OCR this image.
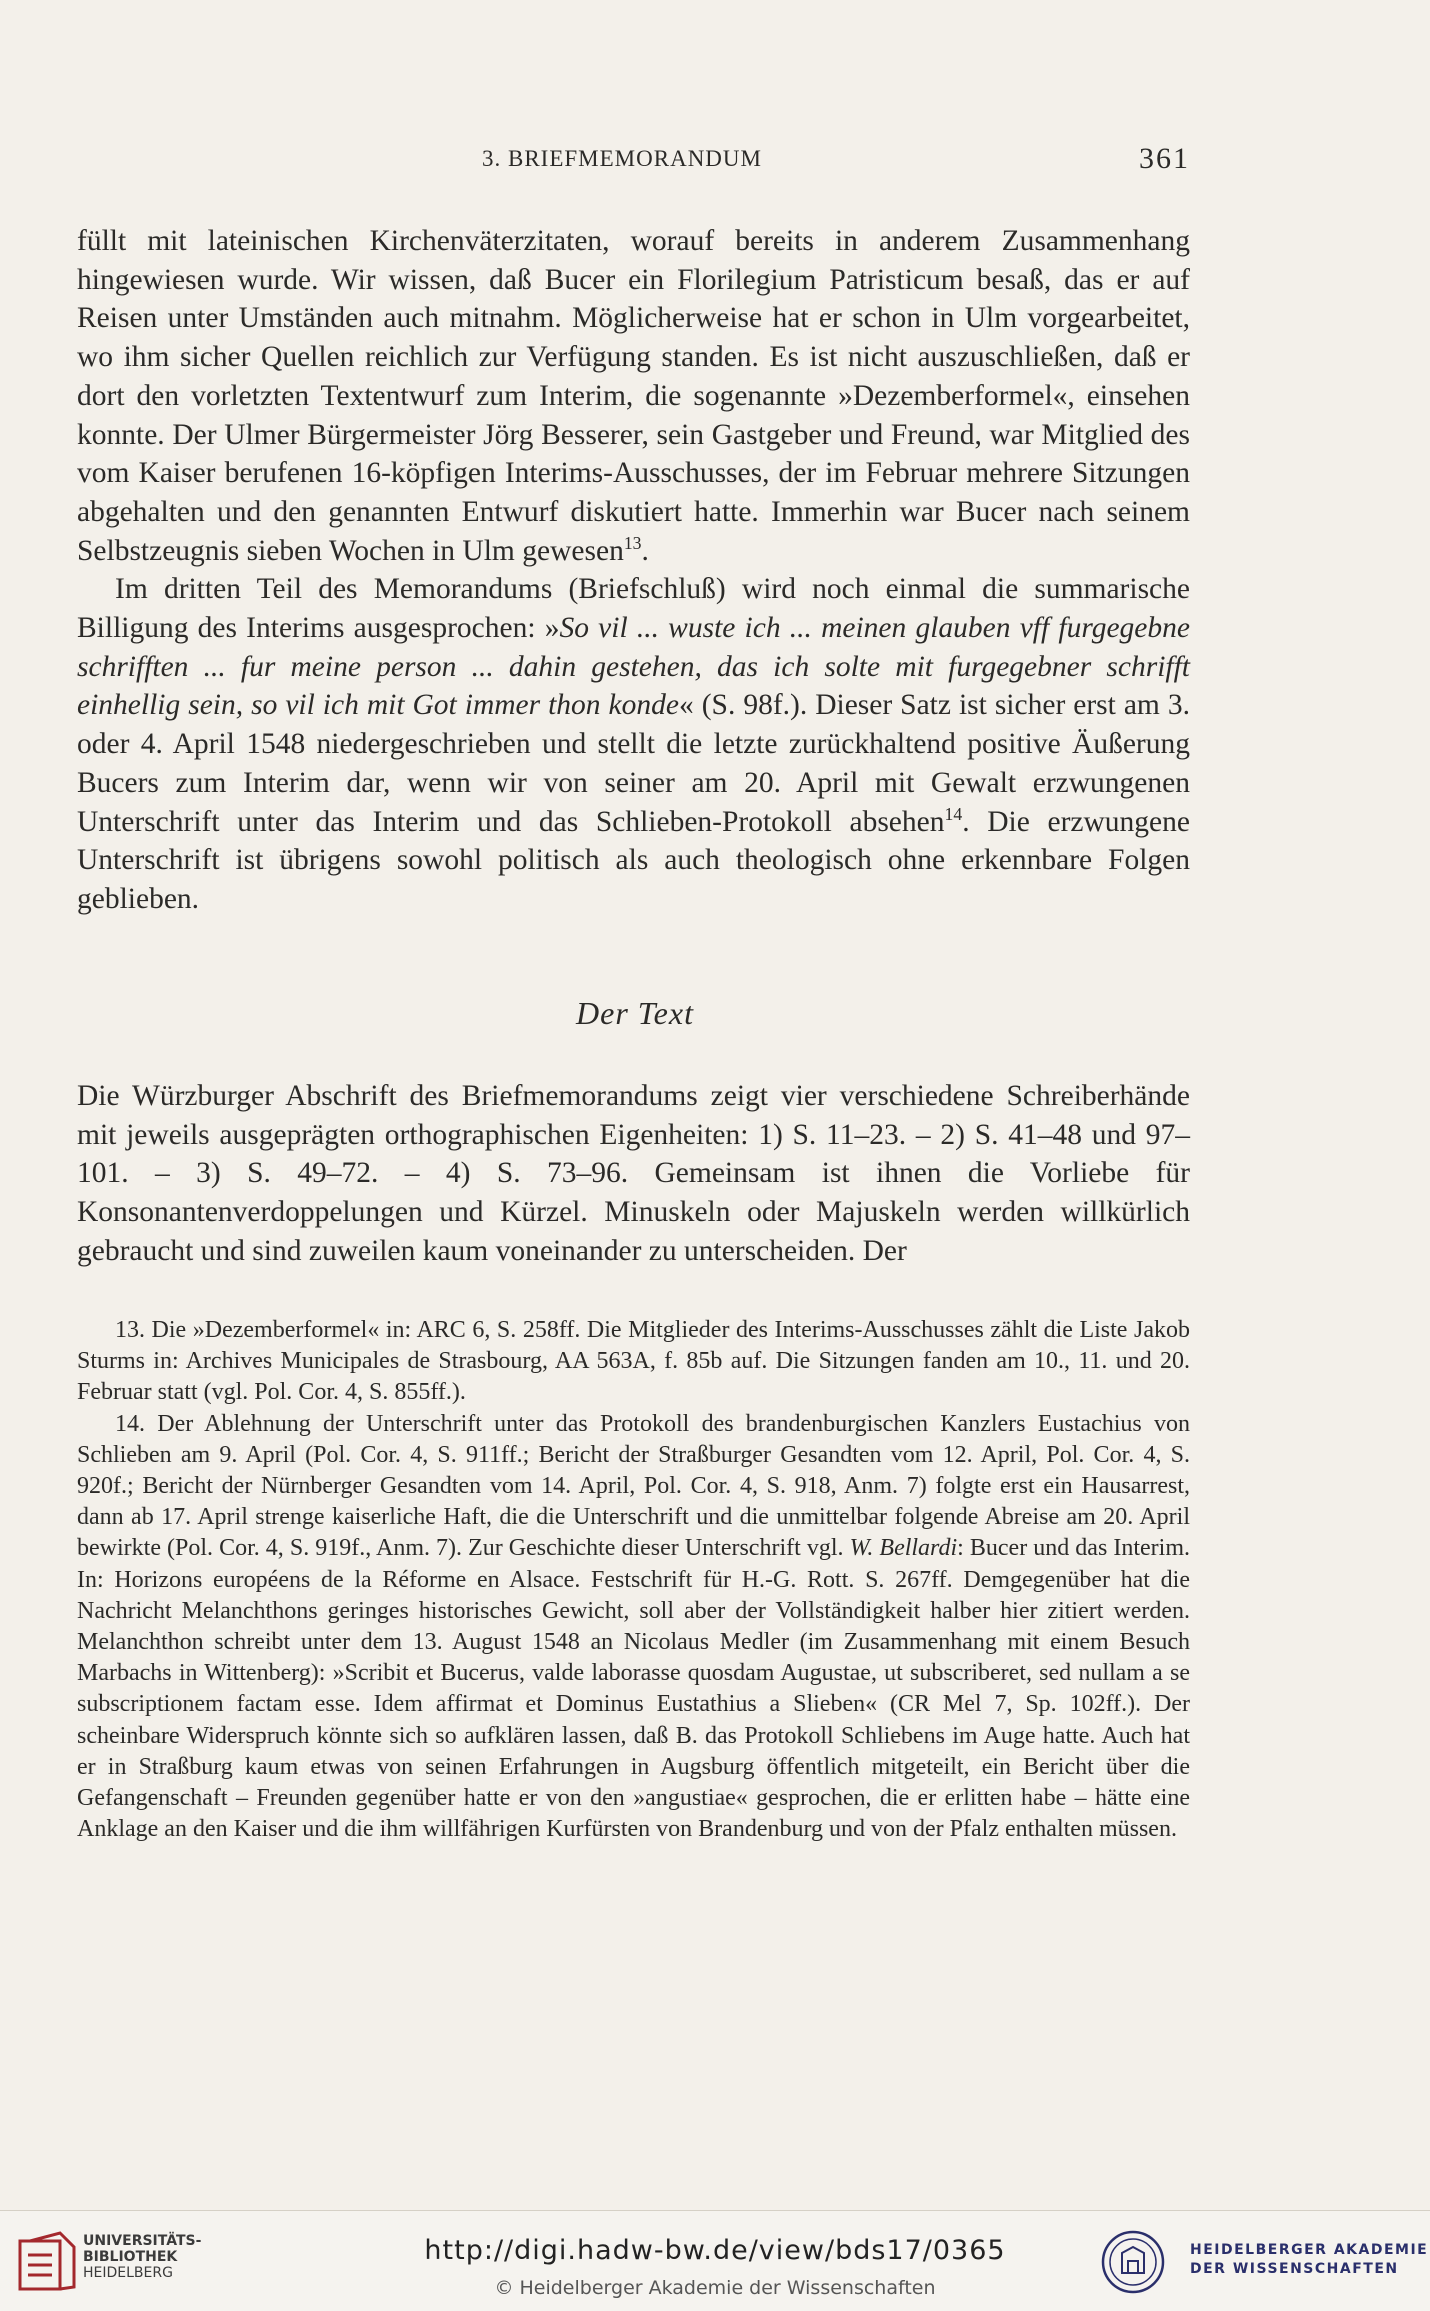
3. BRIEFMEMORANDUM	361

füllt mit lateinischen Kirchenväterzitaten, worauf bereits in anderem Zusammenhang hingewiesen wurde. Wir wissen, daß Bucer ein Florilegium Patristicum besaß, das er auf Reisen unter Umständen auch mitnahm. Möglicherweise hat er schon in Ulm vorgearbeitet, wo ihm sicher Quellen reichlich zur Verfügung standen. Es ist nicht auszuschließen, daß er dort den vorletzten Textentwurf zum Interim, die sogenannte »Dezemberformel«, einsehen konnte. Der Ulmer Bürgermeister Jörg Besserer, sein Gastgeber und Freund, war Mitglied des vom Kaiser berufenen 16-köpfigen Interims-Ausschusses, der im Februar mehrere Sitzungen abgehalten und den genannten Entwurf diskutiert hatte. Immerhin war Bucer nach seinem Selbstzeugnis sieben Wochen in Ulm gewesen$^{13}$.

Im dritten Teil des Memorandums (Briefschluß) wird noch einmal die summarische Billigung des Interims ausgesprochen: »So vil ... wuste ich ... meinen glauben vff furgegebne schrifften ... fur meine person ... dahin gestehen, das ich solte mit furgegebner schrifft einhellig sein, so vil ich mit Got immer thon konde« (S. 98f.). Dieser Satz ist sicher erst am 3. oder 4. April 1548 niedergeschrieben und stellt die letzte zurückhaltend positive Äußerung Bucers zum Interim dar, wenn wir von seiner am 20. April mit Gewalt erzwungenen Unterschrift unter das Interim und das Schlieben-Protokoll absehen$^{14}$. Die erzwungene Unterschrift ist übrigens sowohl politisch als auch theologisch ohne erkennbare Folgen geblieben.

Der Text

Die Würzburger Abschrift des Briefmemorandums zeigt vier verschiedene Schreiberhände mit jeweils ausgeprägten orthographischen Eigenheiten: 1) S. 11–23. – 2) S. 41–48 und 97–101. – 3) S. 49–72. – 4) S. 73–96. Gemeinsam ist ihnen die Vorliebe für Konsonantenverdoppelungen und Kürzel. Minuskeln oder Majuskeln werden willkürlich gebraucht und sind zuweilen kaum voneinander zu unterscheiden. Der

13. Die »Dezemberformel« in: ARC 6, S. 258ff. Die Mitglieder des Interims-Ausschusses zählt die Liste Jakob Sturms in: Archives Municipales de Strasbourg, AA 563A, f. 85b auf. Die Sitzungen fanden am 10., 11. und 20. Februar statt (vgl. Pol. Cor. 4, S. 855ff.).

14. Der Ablehnung der Unterschrift unter das Protokoll des brandenburgischen Kanzlers Eustachius von Schlieben am 9. April (Pol. Cor. 4, S. 911ff.; Bericht der Straßburger Gesandten vom 12. April, Pol. Cor. 4, S. 920f.; Bericht der Nürnberger Gesandten vom 14. April, Pol. Cor. 4, S. 918, Anm. 7) folgte erst ein Hausarrest, dann ab 17. April strenge kaiserliche Haft, die die Unterschrift und die unmittelbar folgende Abreise am 20. April bewirkte (Pol. Cor. 4, S. 919f., Anm. 7). Zur Geschichte dieser Unterschrift vgl. W. Bellardi: Bucer und das Interim. In: Horizons européens de la Réforme en Alsace. Festschrift für H.-G. Rott. S. 267ff. Demgegenüber hat die Nachricht Melanchthons geringes historisches Gewicht, soll aber der Vollständigkeit halber hier zitiert werden. Melanchthon schreibt unter dem 13. August 1548 an Nicolaus Medler (im Zusammenhang mit einem Besuch Marbachs in Wittenberg): »Scribit et Bucerus, valde laborasse quosdam Augustae, ut subscriberet, sed nullam a se subscriptionem factam esse. Idem affirmat et Dominus Eustathius a Slieben« (CR Mel 7, Sp. 102ff.). Der scheinbare Widerspruch könnte sich so aufklären lassen, daß B. das Protokoll Schliebens im Auge hatte. Auch hat er in Straßburg kaum etwas von seinen Erfahrungen in Augsburg öffentlich mitgeteilt, ein Bericht über die Gefangenschaft – Freunden gegenüber hatte er von den »angustiae« gesprochen, die er erlitten habe – hätte eine Anklage an den Kaiser und die ihm willfährigen Kurfürsten von Brandenburg und von der Pfalz enthalten müssen.

UNIVERSITÄTS-
BIBLIOTHEK
HEIDELBERG
http://digi.hadw-bw.de/view/bds17/0365
© Heidelberger Akademie der Wissenschaften
HEIDELBERGER AKADEMIE
DER WISSENSCHAFTEN
